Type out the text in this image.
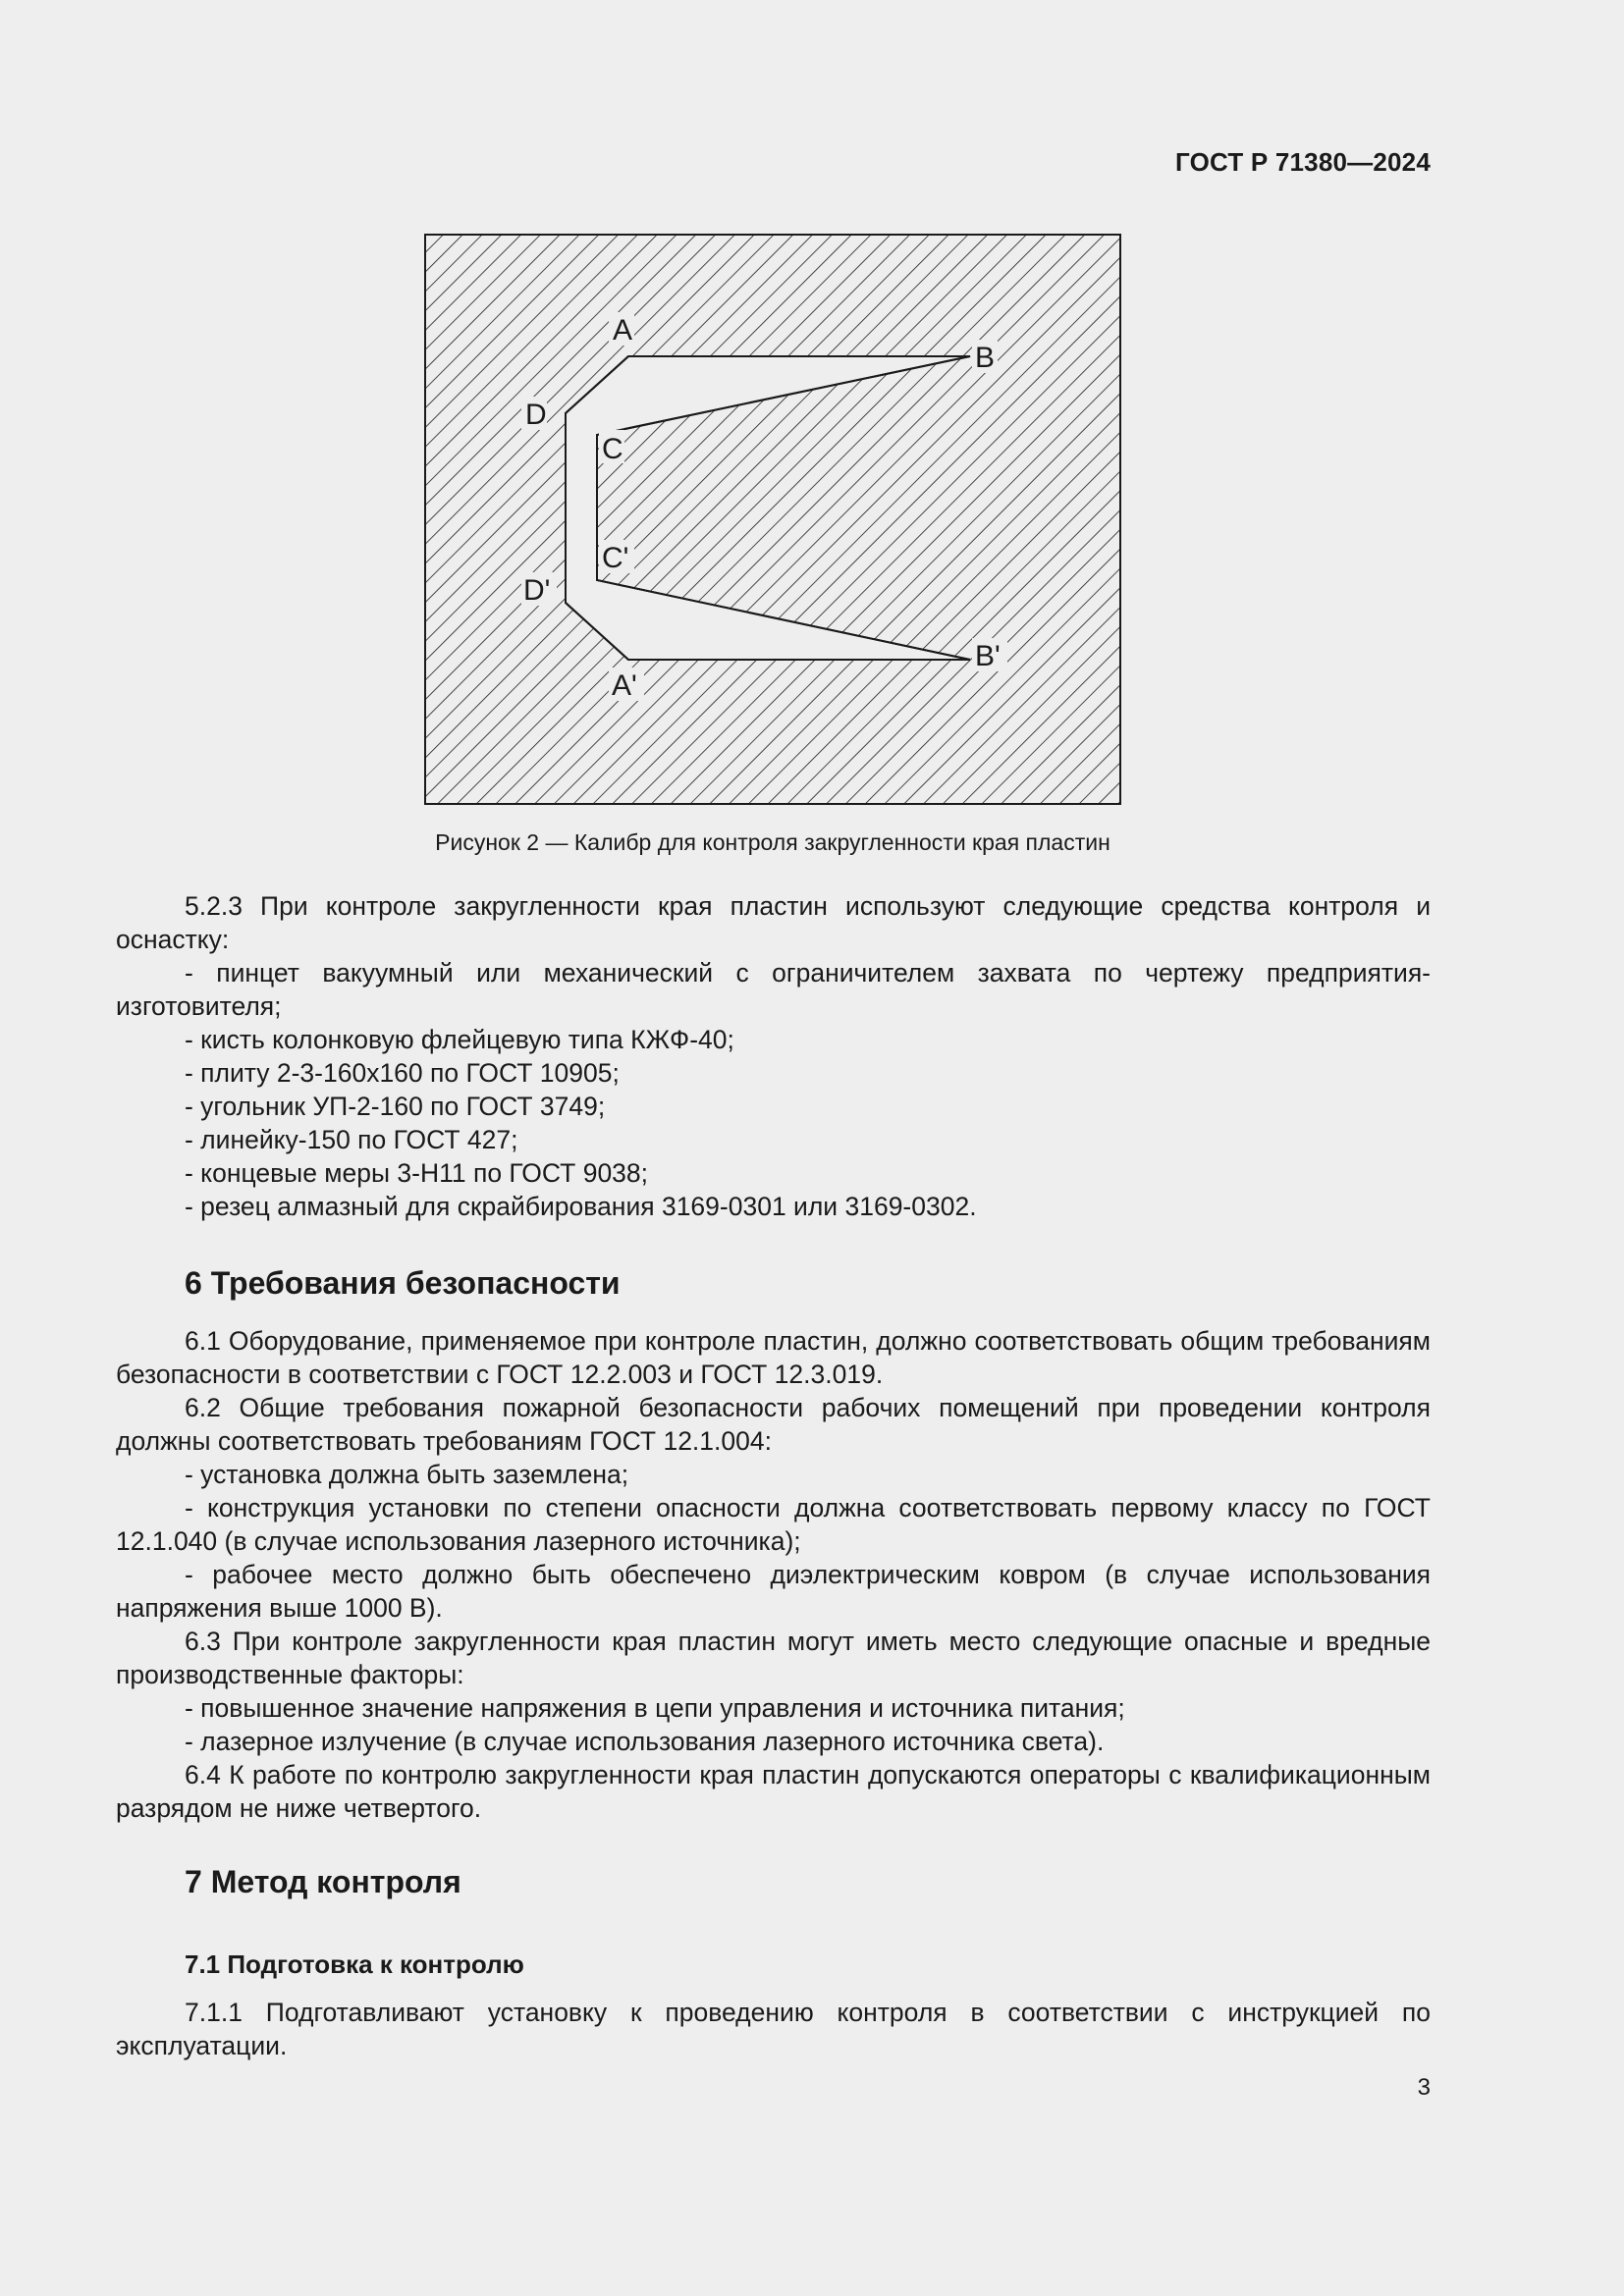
ГОСТ Р 71380—2024
A
B
D
C
C'
D'
A'
B'
Рисунок 2 — Калибр для контроля закругленности края пластин

5.2.3 При контроле закругленности края пластин используют следующие средства контроля и оснастку:

- пинцет вакуумный или механический с ограничителем захвата по чертежу предприятия-изготовителя;

- кисть колонковую флейцевую типа КЖФ-40;

- плиту 2-3-160х160 по ГОСТ 10905;

- угольник УП-2-160 по ГОСТ 3749;

- линейку-150 по ГОСТ 427;

- концевые меры 3-Н11 по ГОСТ 9038;

- резец алмазный для скрайбирования 3169-0301 или 3169-0302.

6 Требования безопасности

6.1 Оборудование, применяемое при контроле пластин, должно соответствовать общим требованиям безопасности в соответствии с ГОСТ 12.2.003 и ГОСТ 12.3.019.

6.2 Общие требования пожарной безопасности рабочих помещений при проведении контроля должны соответствовать требованиям ГОСТ 12.1.004:

- установка должна быть заземлена;

- конструкция установки по степени опасности должна соответствовать первому классу по ГОСТ 12.1.040 (в случае использования лазерного источника);

- рабочее место должно быть обеспечено диэлектрическим ковром (в случае использования напряжения выше 1000 В).

6.3 При контроле закругленности края пластин могут иметь место следующие опасные и вредные производственные факторы:

- повышенное значение напряжения в цепи управления и источника питания;

- лазерное излучение (в случае использования лазерного источника света).

6.4 К работе по контролю закругленности края пластин допускаются операторы с квалификационным разрядом не ниже четвертого.

7 Метод контроля

7.1 Подготовка к контролю

7.1.1 Подготавливают установку к проведению контроля в соответствии с инструкцией по эксплуатации.

3
